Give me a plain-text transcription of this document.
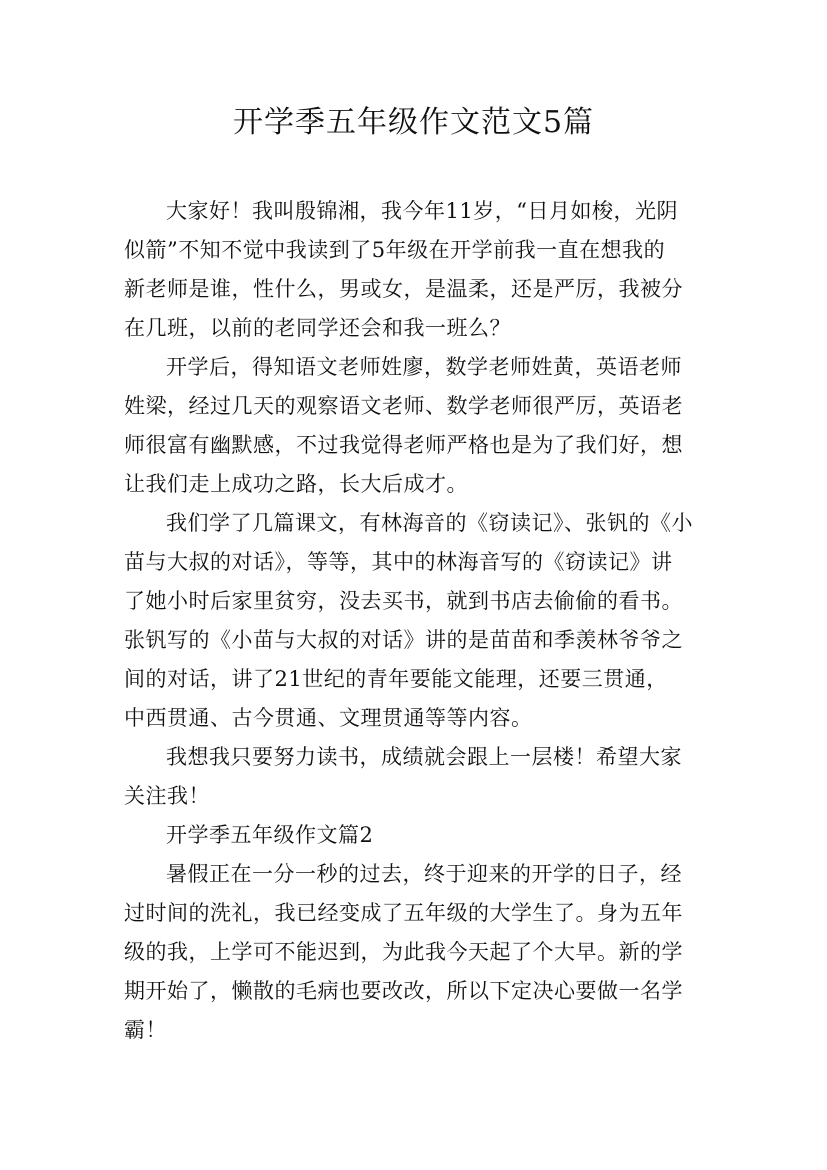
开学季五年级作文范文5篇

大家好！我叫殷锦湘，我今年11岁，“日月如梭，光阴
似箭”不知不觉中我读到了5年级在开学前我一直在想我的
新老师是谁，性什么，男或女，是温柔，还是严厉，我被分
在几班，以前的老同学还会和我一班么？

开学后，得知语文老师姓廖，数学老师姓黄，英语老师
姓梁，经过几天的观察语文老师、数学老师很严厉，英语老
师很富有幽默感，不过我觉得老师严格也是为了我们好，想
让我们走上成功之路，长大后成才。

我们学了几篇课文，有林海音的《窃读记》、张钒的《小
苗与大叔的对话》，等等，其中的林海音写的《窃读记》讲
了她小时后家里贫穷，没去买书，就到书店去偷偷的看书。
张钒写的《小苗与大叔的对话》讲的是苗苗和季羡林爷爷之
间的对话，讲了21世纪的青年要能文能理，还要三贯通，
中西贯通、古今贯通、文理贯通等等内容。

我想我只要努力读书，成绩就会跟上一层楼！希望大家
关注我！

开学季五年级作文篇2

暑假正在一分一秒的过去，终于迎来的开学的日子，经
过时间的洗礼，我已经变成了五年级的大学生了。身为五年
级的我，上学可不能迟到，为此我今天起了个大早。新的学
期开始了，懒散的毛病也要改改，所以下定决心要做一名学
霸！
